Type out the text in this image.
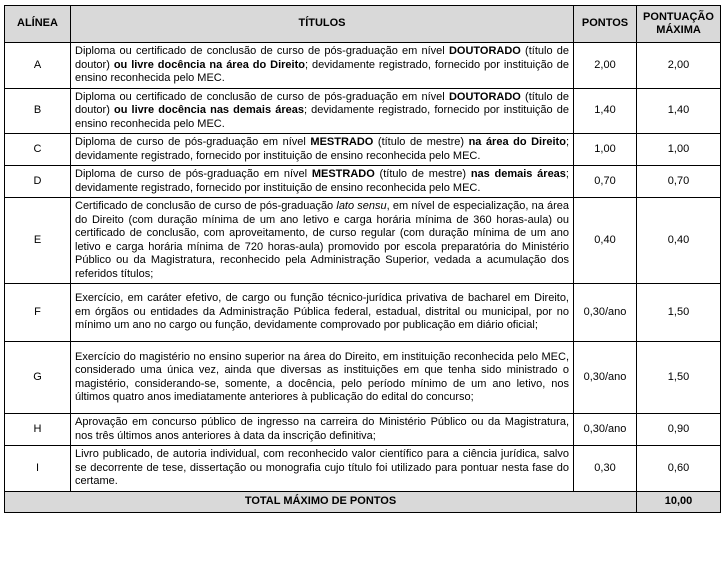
ALÍNEA	TÍTULOS	PONTOS	PONTUAÇÃO
MÁXIMA
A	Diploma ou certificado de conclusão de curso de pós-graduação em nível DOUTORADO (título de doutor) ou livre docência na área do Direito; devidamente registrado, fornecido por instituição de ensino reconhecida pelo MEC.	2,00	2,00
B	Diploma ou certificado de conclusão de curso de pós-graduação em nível DOUTORADO (título de doutor) ou livre docência nas demais áreas; devidamente registrado, fornecido por instituição de ensino reconhecida pelo MEC.	1,40	1,40
C	Diploma de curso de pós-graduação em nível MESTRADO (título de mestre) na área do Direito; devidamente registrado, fornecido por instituição de ensino reconhecida pelo MEC.	1,00	1,00
D	Diploma de curso de pós-graduação em nível MESTRADO (título de mestre) nas demais áreas; devidamente registrado, fornecido por instituição de ensino reconhecida pelo MEC.	0,70	0,70
E	Certificado de conclusão de curso de pós-graduação lato sensu, em nível de especialização, na área do Direito (com duração mínima de um ano letivo e carga horária mínima de 360 horas-aula) ou certificado de conclusão, com aproveitamento, de curso regular (com duração mínima de um ano letivo e carga horária mínima de 720 horas-aula) promovido por escola preparatória do Ministério Público ou da Magistratura, reconhecido pela Administração Superior, vedada a acumulação dos referidos títulos;	0,40	0,40
F	Exercício, em caráter efetivo, de cargo ou função técnico-jurídica privativa de bacharel em Direito, em órgãos ou entidades da Administração Pública federal, estadual, distrital ou municipal, por no mínimo um ano no cargo ou função, devidamente comprovado por publicação em diário oficial;	0,30/ano	1,50
G	Exercício do magistério no ensino superior na área do Direito, em instituição reconhecida pelo MEC, considerado uma única vez, ainda que diversas as instituições em que tenha sido ministrado o magistério, considerando-se, somente, a docência, pelo período mínimo de um ano letivo, nos últimos quatro anos imediatamente anteriores à publicação do edital do concurso;	0,30/ano	1,50
H	Aprovação em concurso público de ingresso na carreira do Ministério Público ou da Magistratura, nos três últimos anos anteriores à data da inscrição definitiva;	0,30/ano	0,90
I	Livro publicado, de autoria individual, com reconhecido valor científico para a ciência jurídica, salvo se decorrente de tese, dissertação ou monografia cujo título foi utilizado para pontuar nesta fase do certame.	0,30	0,60
TOTAL MÁXIMO DE PONTOS			10,00
